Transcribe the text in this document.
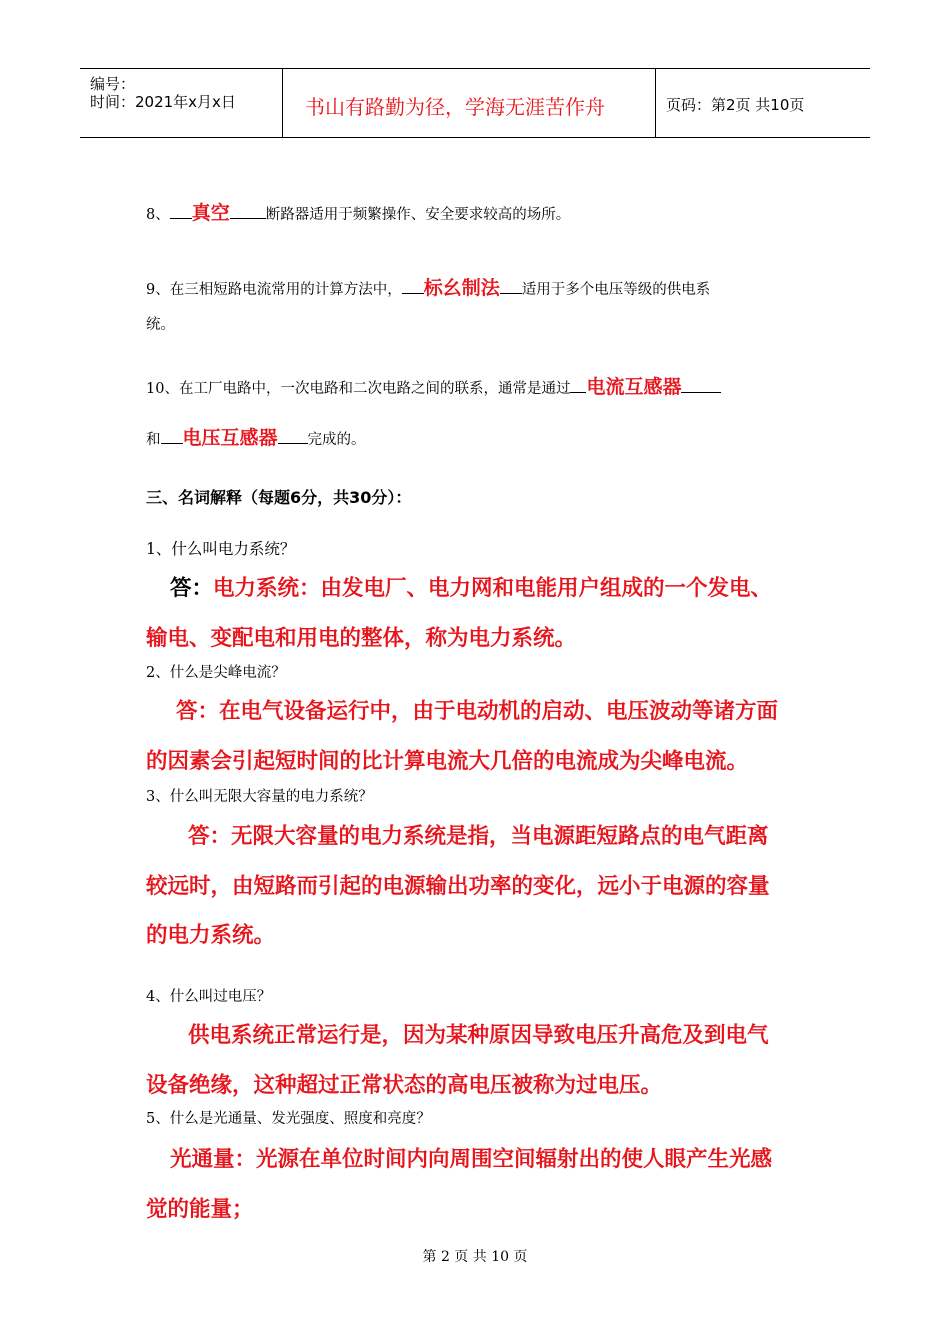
编号：
时间：2021年x月x日	书山有路勤为径，学海无涯苦作舟	页码：第2页 共10页
8、 真空 断路器适用于频繁操作、安全要求较高的场所。
9、在三相短路电流常用的计算方法中， 标幺制法 适用于多个电压等级的供电系
统。
10、在工厂电路中，一次电路和二次电路之间的联系，通常是通过 电流互感器
和 电压互感器 完成的。
三、名词解释（每题6分，共30分）：
1、什么叫电力系统？
答：电力系统：由发电厂、电力网和电能用户组成的一个发电、
输电、变配电和用电的整体，称为电力系统。
2、什么是尖峰电流？
答：在电气设备运行中，由于电动机的启动、电压波动等诸方面
的因素会引起短时间的比计算电流大几倍的电流成为尖峰电流。
3、什么叫无限大容量的电力系统？
答：无限大容量的电力系统是指，当电源距短路点的电气距离
较远时，由短路而引起的电源输出功率的变化，远小于电源的容量
的电力系统。
4、什么叫过电压？
供电系统正常运行是，因为某种原因导致电压升高危及到电气
设备绝缘，这种超过正常状态的高电压被称为过电压。
5、什么是光通量、发光强度、照度和亮度？
光通量：光源在单位时间内向周围空间辐射出的使人眼产生光感
觉的能量；
第 2 页 共 10 页
